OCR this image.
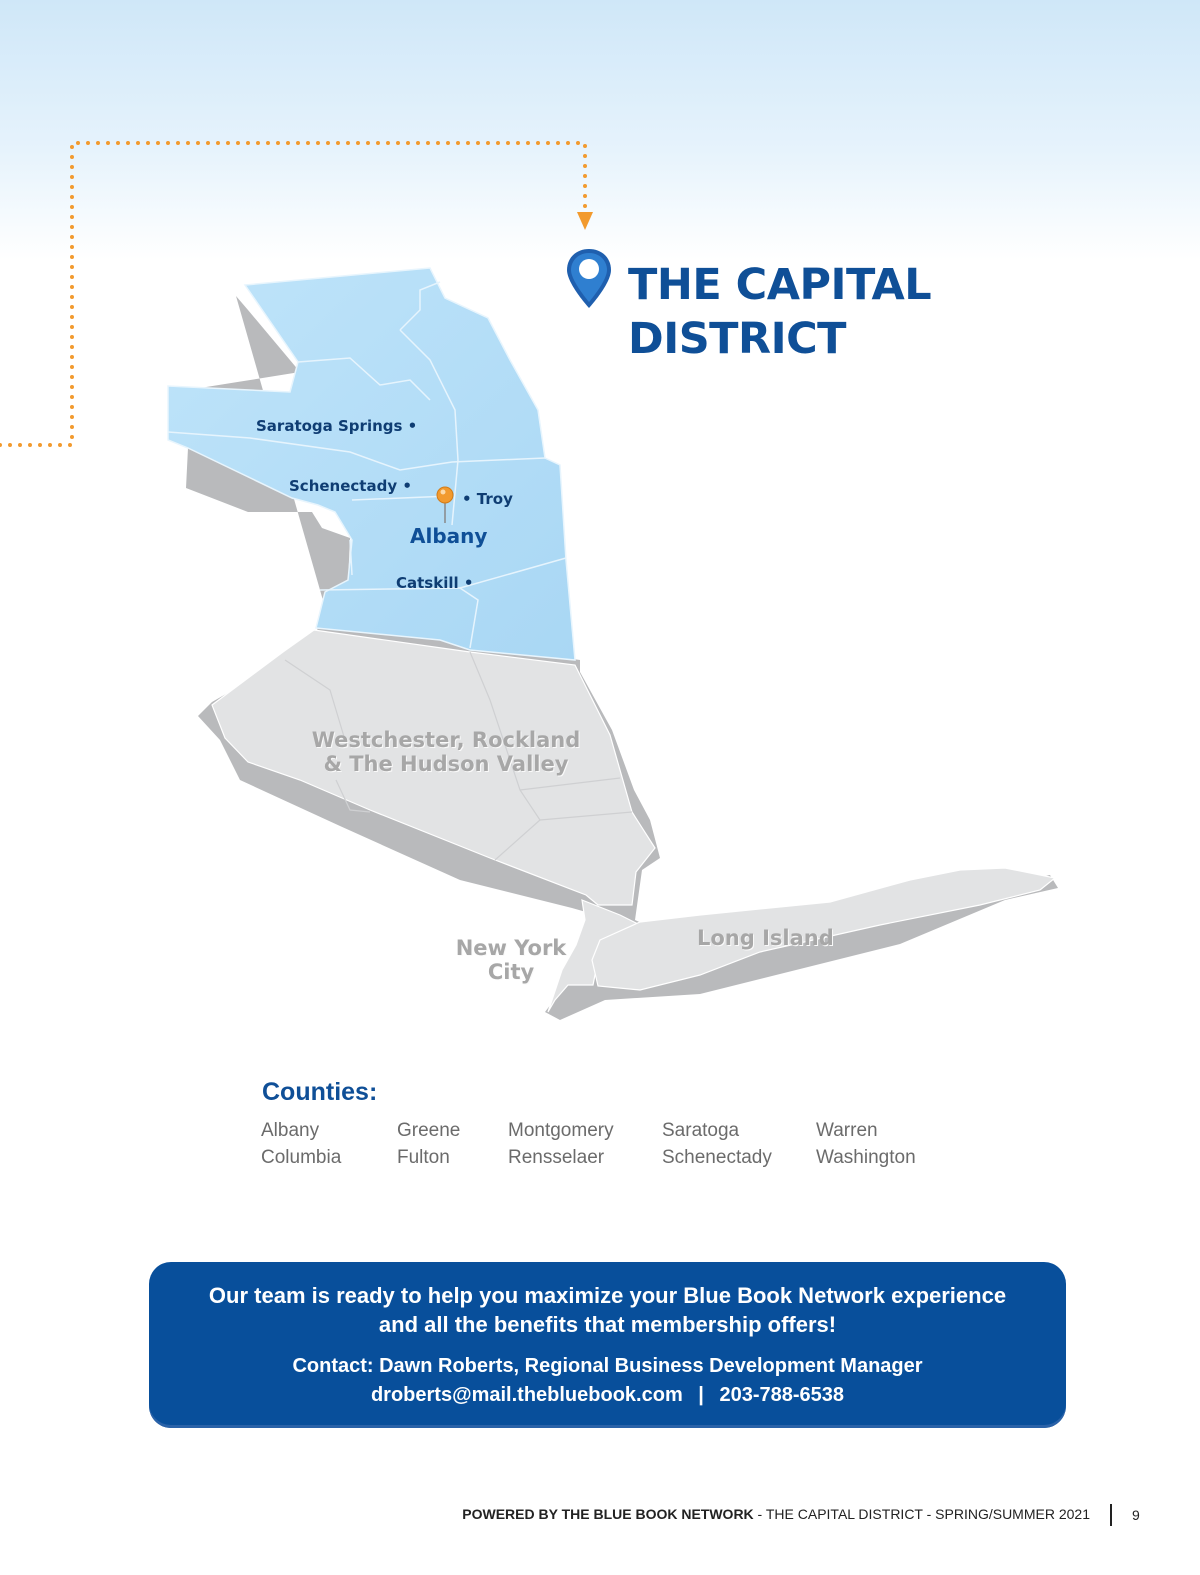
THE CAPITAL
DISTRICT
Saratoga Springs •
Schenectady •
• Troy
Albany
Catskill •
Westchester, Rockland
& The Hudson Valley
New York
City
Long Island
Counties:
Albany
Columbia
Greene
Fulton
Montgomery
Rensselaer
Saratoga
Schenectady
Warren
Washington
Our team is ready to help you maximize your Blue Book Network experience
and all the benefits that membership offers!
Contact: Dawn Roberts, Regional Business Development Manager
droberts@mail.thebluebook.com | 203-788-6538
POWERED BY THE BLUE BOOK NETWORK - THE CAPITAL DISTRICT - SPRING/SUMMER 2021	9
